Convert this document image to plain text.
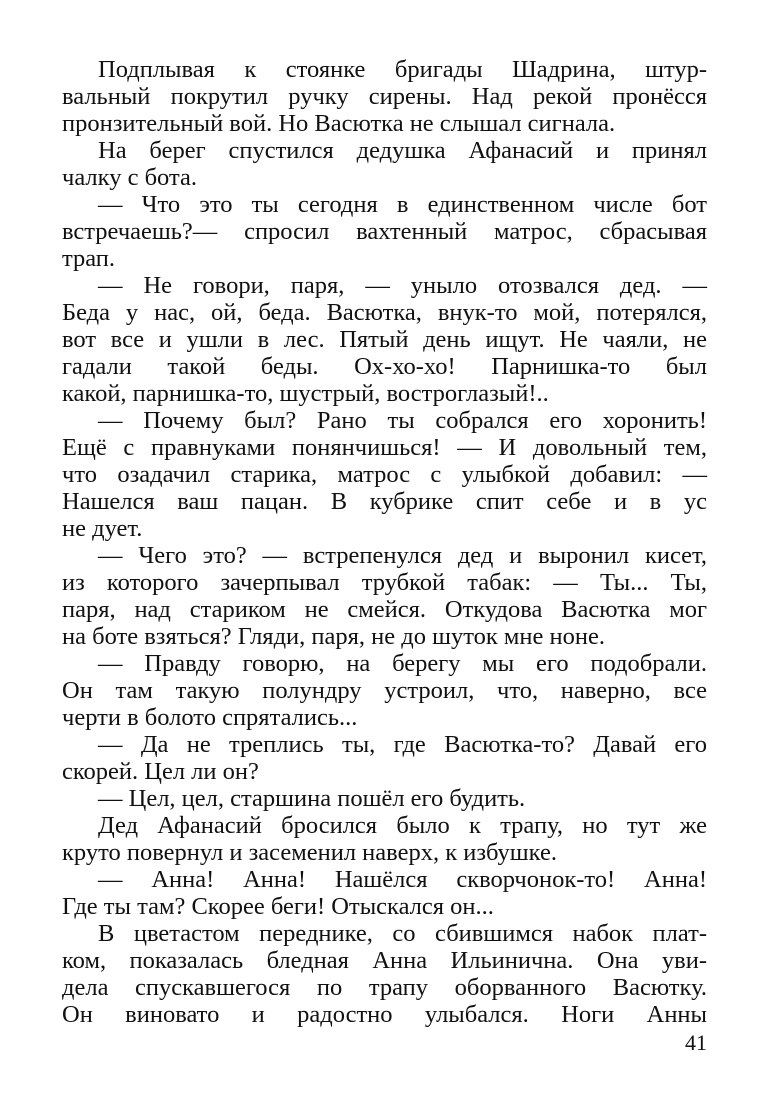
Подплывая к стоянке бригады Шадрина, штур-
вальный покрутил ручку сирены. Над рекой пронёсся
пронзительный вой. Но Васютка не слышал сигнала.
На берег спустился дедушка Афанасий и принял
чалку с бота.
— Что это ты сегодня в единственном числе бот
встречаешь?— спросил вахтенный матрос, сбрасывая
трап.
— Не говори, паря, — уныло отозвался дед. —
Беда у нас, ой, беда. Васютка, внук-то мой, потерялся,
вот все и ушли в лес. Пятый день ищут. Не чаяли, не
гадали такой беды. Ох-хо-хо! Парнишка-то был
какой, парнишка-то, шустрый, востроглазый!..
— Почему был? Рано ты собрался его хоронить!
Ещё с правнуками понянчишься! — И довольный тем,
что озадачил старика, матрос с улыбкой добавил: —
Нашелся ваш пацан. В кубрике спит себе и в ус
не дует.
— Чего это? — встрепенулся дед и выронил кисет,
из которого зачерпывал трубкой табак: — Ты... Ты,
паря, над стариком не смейся. Откудова Васютка мог
на боте взяться? Гляди, паря, не до шуток мне ноне.
— Правду говорю, на берегу мы его подобрали.
Он там такую полундру устроил, что, наверно, все
черти в болото спрятались...
— Да не треплись ты, где Васютка-то? Давай его
скорей. Цел ли он?
— Цел, цел, старшина пошёл его будить.
Дед Афанасий бросился было к трапу, но тут же
круто повернул и засеменил наверх, к избушке.
— Анна! Анна! Нашёлся скворчонок-то! Анна!
Где ты там? Скорее беги! Отыскался он...
В цветастом переднике, со сбившимся набок плат-
ком, показалась бледная Анна Ильинична. Она уви-
дела спускавшегося по трапу оборванного Васютку.
Он виновато и радостно улыбался. Ноги Анны
41
